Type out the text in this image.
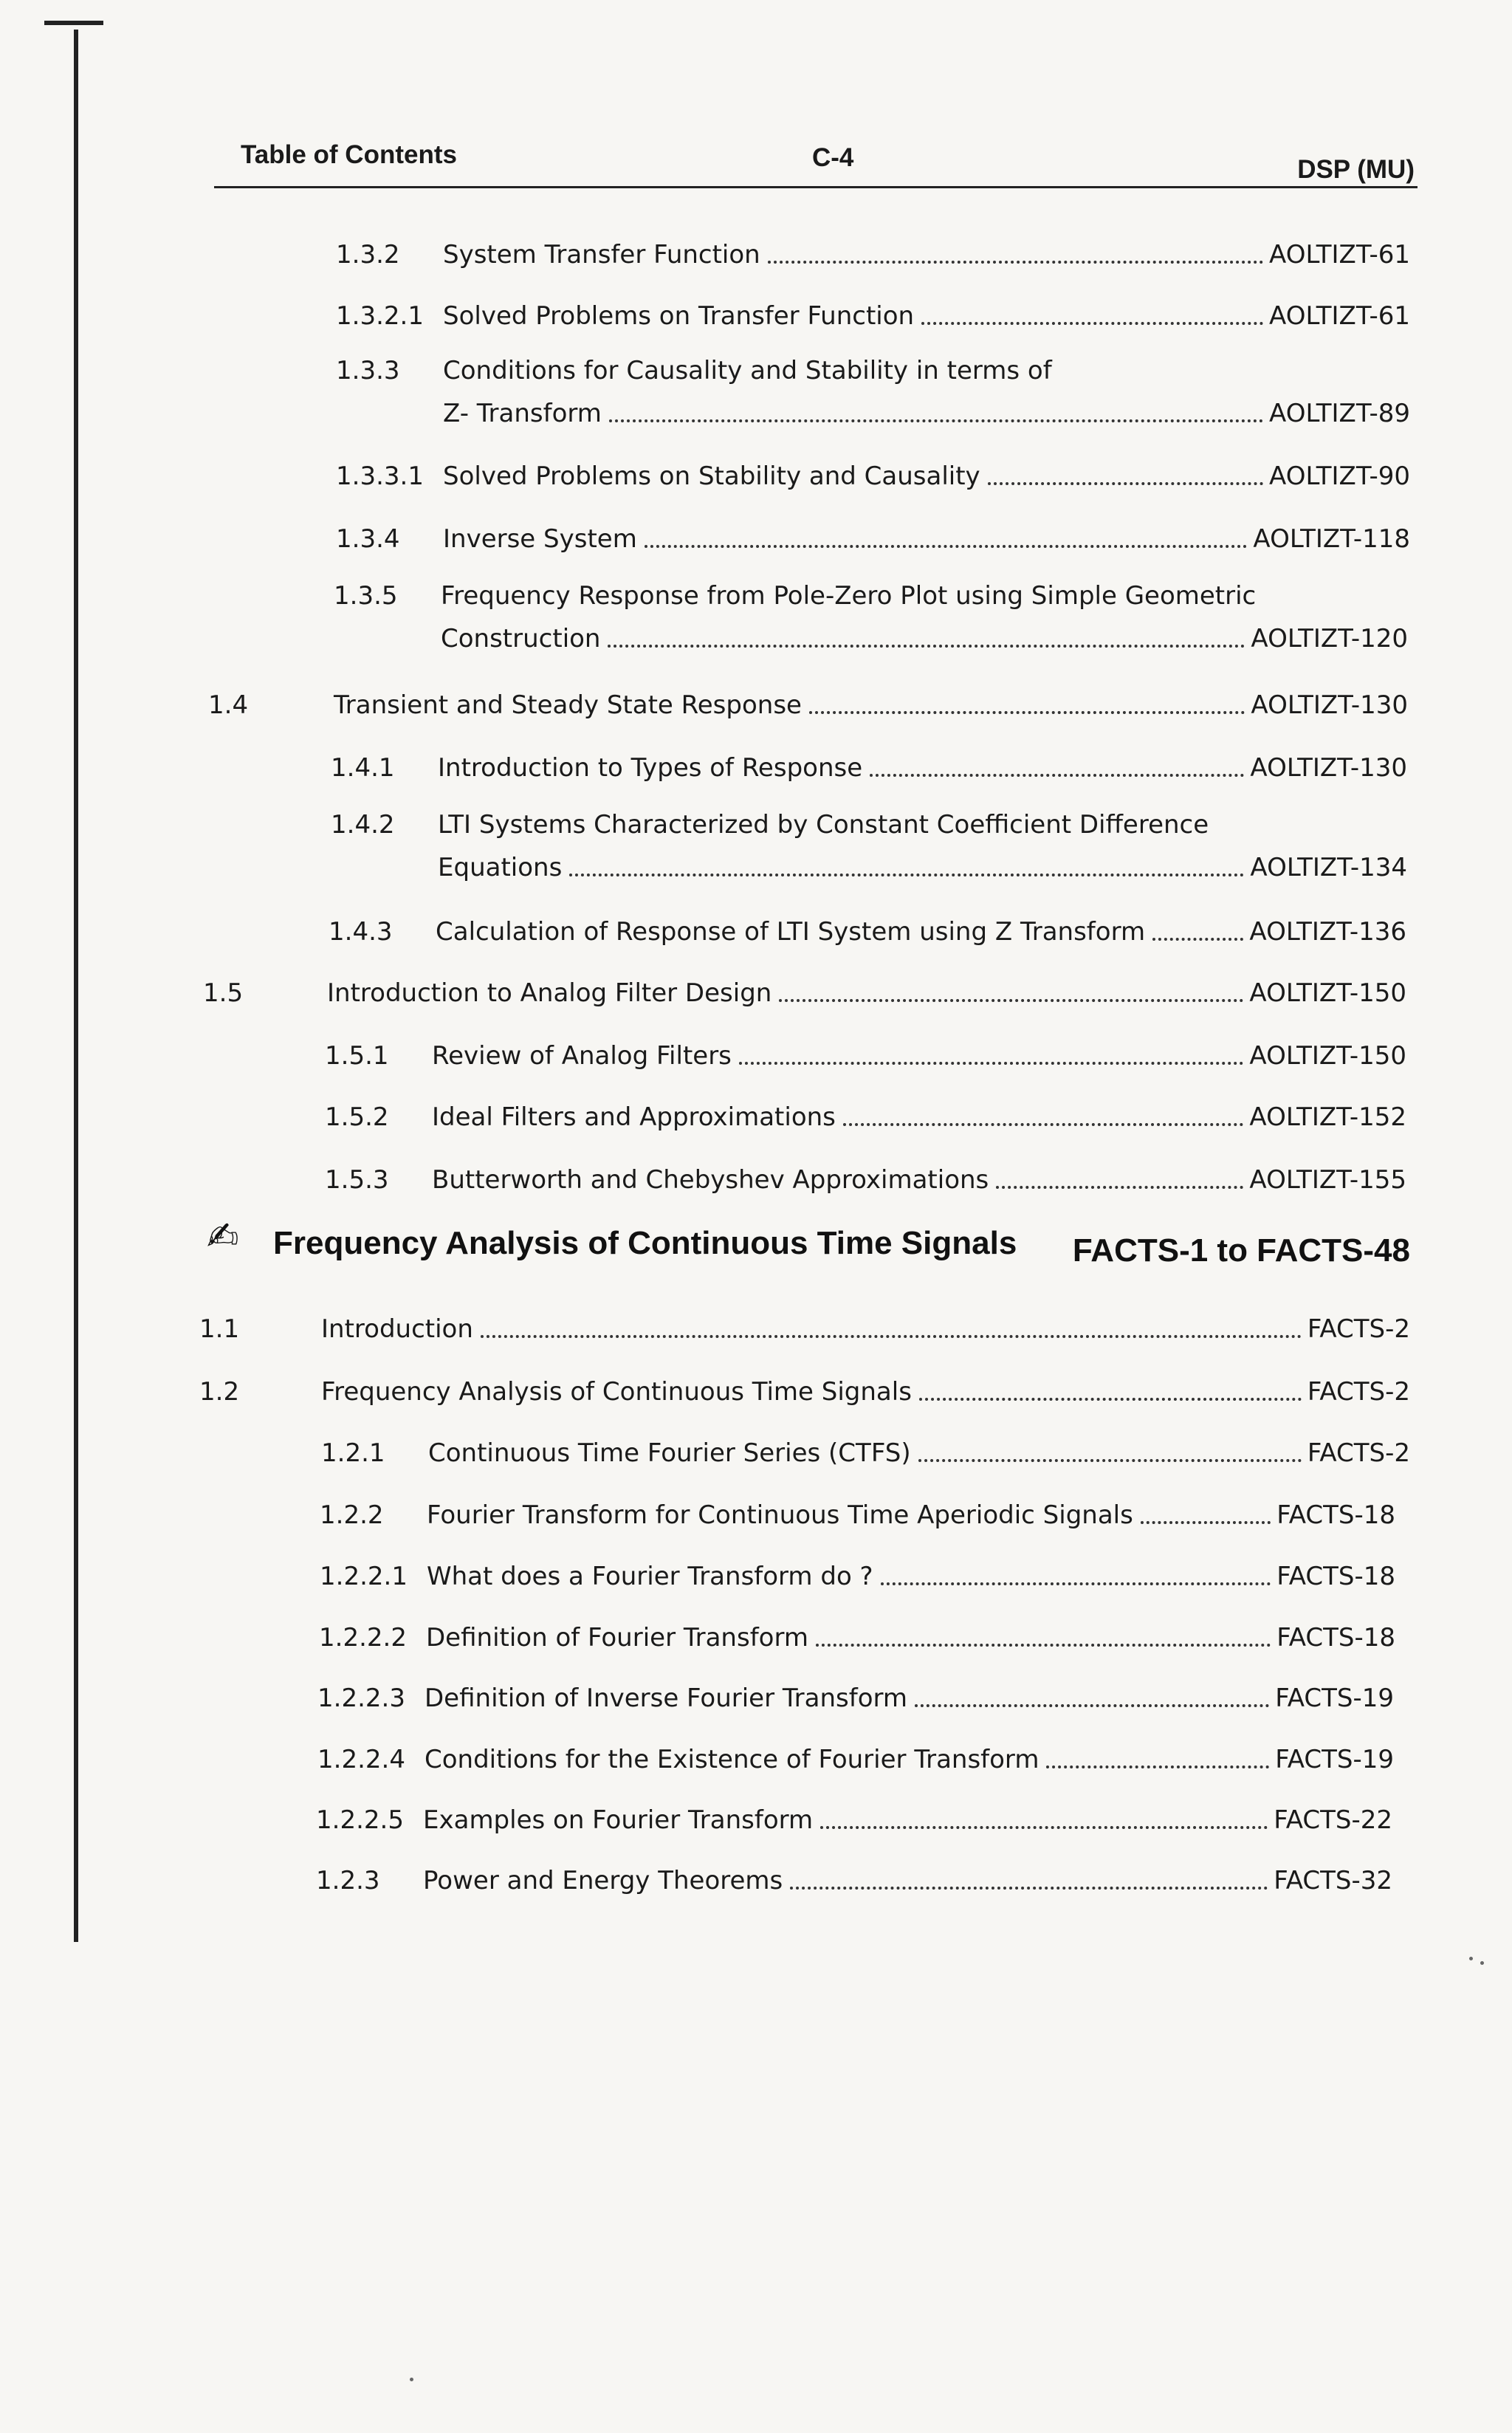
Table of Contents	C-4	DSP (MU)
1.3.2 System Transfer Function	AOLTIZT-61
1.3.2.1 Solved Problems on Transfer Function	AOLTIZT-61
1.3.3 Conditions for Causality and Stability in terms of
Z- Transform	AOLTIZT-89
1.3.3.1 Solved Problems on Stability and Causality	AOLTIZT-90
1.3.4 Inverse System	AOLTIZT-118
1.3.5 Frequency Response from Pole-Zero Plot using Simple Geometric
Construction	AOLTIZT-120
1.4	Transient and Steady State Response	AOLTIZT-130
1.4.1 Introduction to Types of Response	AOLTIZT-130
1.4.2 LTI Systems Characterized by Constant Coefficient Difference
Equations	AOLTIZT-134
1.4.3 Calculation of Response of LTI System using Z Transform	AOLTIZT-136
1.5	Introduction to Analog Filter Design	AOLTIZT-150
1.5.1 Review of Analog Filters	AOLTIZT-150
1.5.2 Ideal Filters and Approximations	AOLTIZT-152
1.5.3 Butterworth and Chebyshev Approximations	AOLTIZT-155
✍ Frequency Analysis of Continuous Time Signals FACTS-1 to FACTS-48
1.1	Introduction	FACTS-2
1.2	Frequency Analysis of Continuous Time Signals	FACTS-2
1.2.1 Continuous Time Fourier Series (CTFS)	FACTS-2
1.2.2 Fourier Transform for Continuous Time Aperiodic Signals	FACTS-18
1.2.2.1 What does a Fourier Transform do ?	FACTS-18
1.2.2.2 Definition of Fourier Transform	FACTS-18
1.2.2.3 Definition of Inverse Fourier Transform	FACTS-19
1.2.2.4 Conditions for the Existence of Fourier Transform	FACTS-19
1.2.2.5 Examples on Fourier Transform	FACTS-22
1.2.3 Power and Energy Theorems	FACTS-32
